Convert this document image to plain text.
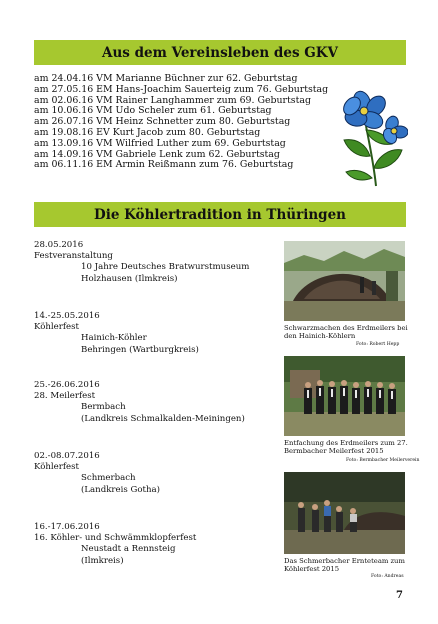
Aus dem Vereinsleben des GKV
am 24.04.16 VM Marianne Büchner zur 62. Geburtstag
am 27.05.16 EM Hans-Joachim Sauerteig zum 76. Geburtstag
am 02.06.16 VM Rainer Langhammer zum 69. Geburtstag
am 10.06.16 VM Udo Scheler zum 61. Geburtstag
am 26.07.16 VM Heinz Schnetter zum 80. Geburtstag
am 19.08.16 EV Kurt Jacob zum 80. Geburtstag
am 13.09.16 VM Wilfried Luther zum 69. Geburtstag
am 14.09.16 VM Gabriele Lenk zum 62. Geburtstag
am 06.11.16 EM Armin Reißmann zum 76. Geburtstag
Die Köhlertradition in Thüringen
28.05.2016
Festveranstaltung
10 Jahre Deutsches Bratwurstmuseum
Holzhausen (Ilmkreis)
14.-25.05.2016
Köhlerfest
Hainich-Köhler
Behringen (Wartburgkreis)
25.-26.06.2016
28. Meilerfest
Bermbach
(Landkreis Schmalkalden-Meiningen)
02.-08.07.2016
Köhlerfest
Schmerbach
(Landkreis Gotha)
16.-17.06.2016
16. Köhler- und Schwämmklopferfest
Neustadt a Rennsteig
(Ilmkreis)
Schwarzmachen des Erdmeilers bei den Hainich-Köhlern
Foto: Robert Hepp
Entfachung des Erdmeilers zum 27. Bermbacher Meilerfest 2015
Foto: Bermbacher Meilerverein
Das Schmerbacher Ernteteam zum Köhlerfest 2015
Foto: Andreas
7
